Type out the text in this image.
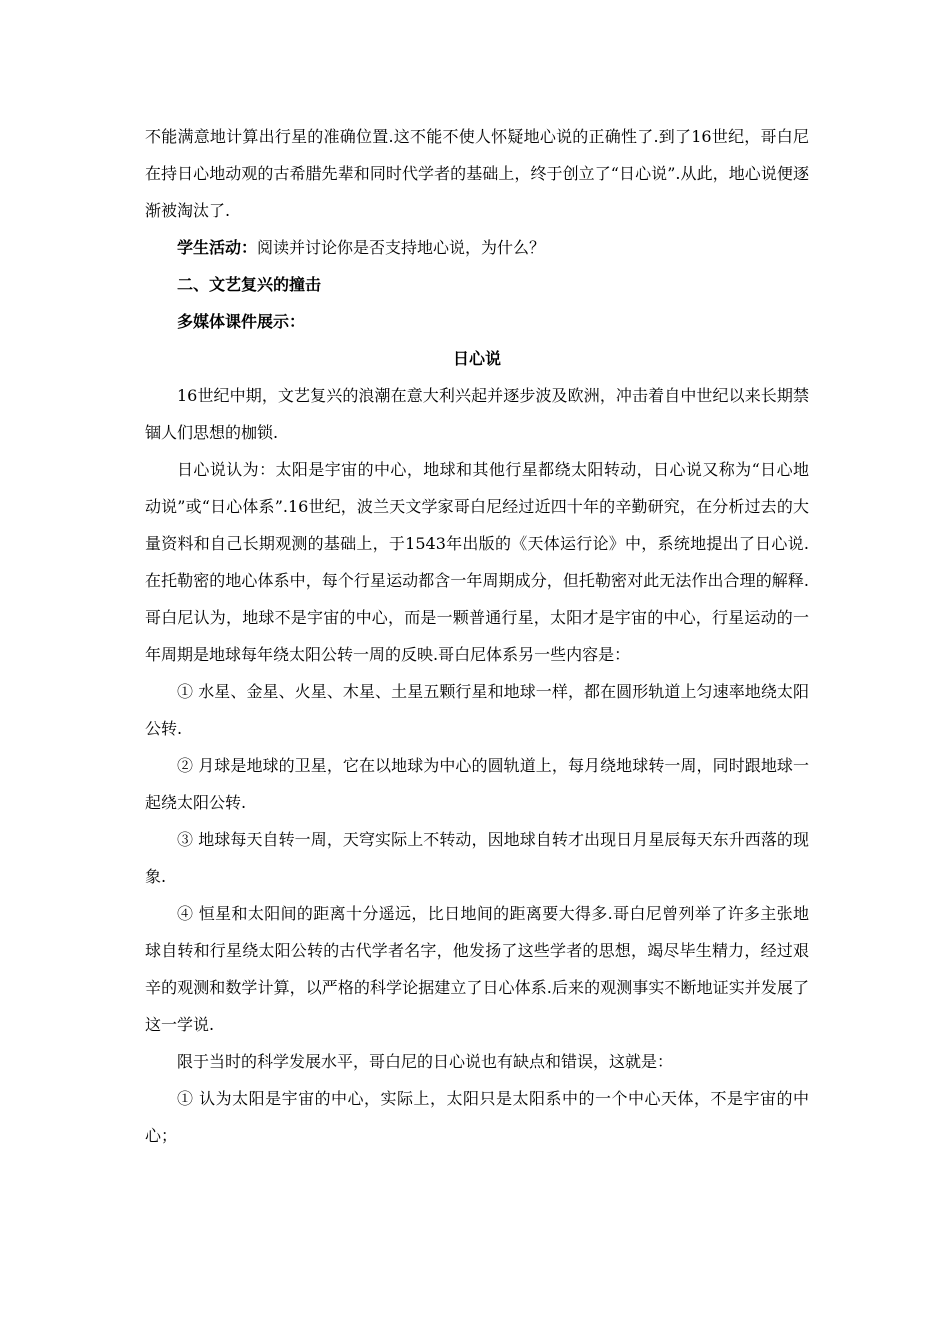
不能满意地计算出行星的准确位置.这不能不使人怀疑地心说的正确性了.到了16世纪，哥白尼在持日心地动观的古希腊先辈和同时代学者的基础上，终于创立了“日心说”.从此，地心说便逐渐被淘汰了.

学生活动：阅读并讨论你是否支持地心说，为什么？

二、文艺复兴的撞击

多媒体课件展示：

日心说

16世纪中期，文艺复兴的浪潮在意大利兴起并逐步波及欧洲，冲击着自中世纪以来长期禁锢人们思想的枷锁.

日心说认为：太阳是宇宙的中心，地球和其他行星都绕太阳转动，日心说又称为“日心地动说”或“日心体系”.16世纪，波兰天文学家哥白尼经过近四十年的辛勤研究，在分析过去的大量资料和自己长期观测的基础上，于1543年出版的《天体运行论》中，系统地提出了日心说.在托勒密的地心体系中，每个行星运动都含一年周期成分，但托勒密对此无法作出合理的解释.哥白尼认为，地球不是宇宙的中心，而是一颗普通行星，太阳才是宇宙的中心，行星运动的一年周期是地球每年绕太阳公转一周的反映.哥白尼体系另一些内容是：

① 水星、金星、火星、木星、土星五颗行星和地球一样，都在圆形轨道上匀速率地绕太阳公转.

② 月球是地球的卫星，它在以地球为中心的圆轨道上，每月绕地球转一周，同时跟地球一起绕太阳公转.

③ 地球每天自转一周，天穹实际上不转动，因地球自转才出现日月星辰每天东升西落的现象.

④ 恒星和太阳间的距离十分遥远，比日地间的距离要大得多.哥白尼曾列举了许多主张地球自转和行星绕太阳公转的古代学者名字，他发扬了这些学者的思想，竭尽毕生精力，经过艰辛的观测和数学计算，以严格的科学论据建立了日心体系.后来的观测事实不断地证实并发展了这一学说.

限于当时的科学发展水平，哥白尼的日心说也有缺点和错误，这就是：

① 认为太阳是宇宙的中心，实际上，太阳只是太阳系中的一个中心天体，不是宇宙的中心；
